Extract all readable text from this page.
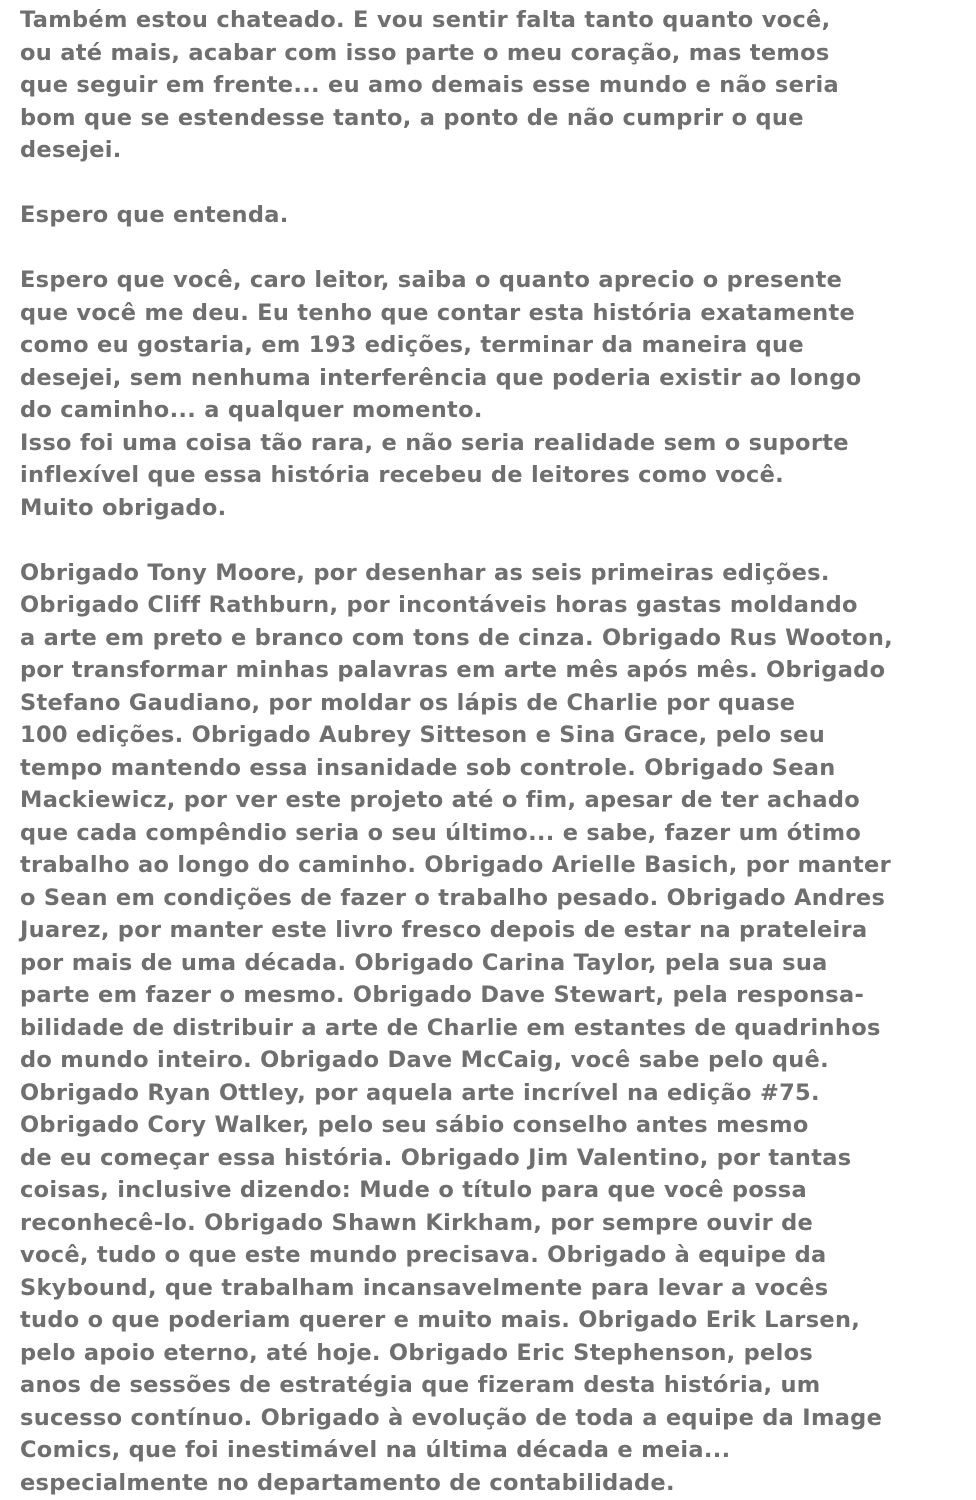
Também estou chateado. E vou sentir falta tanto quanto você,
ou até mais, acabar com isso parte o meu coração, mas temos
que seguir em frente... eu amo demais esse mundo e não seria
bom que se estendesse tanto, a ponto de não cumprir o que
desejei.

Espero que entenda.

Espero que você, caro leitor, saiba o quanto aprecio o presente
que você me deu. Eu tenho que contar esta história exatamente
como eu gostaria, em 193 edições, terminar da maneira que
desejei, sem nenhuma interferência que poderia existir ao longo
do caminho... a qualquer momento.
Isso foi uma coisa tão rara, e não seria realidade sem o suporte
inflexível que essa história recebeu de leitores como você.
Muito obrigado.

Obrigado Tony Moore, por desenhar as seis primeiras edições.
Obrigado Cliff Rathburn, por incontáveis horas gastas moldando
a arte em preto e branco com tons de cinza. Obrigado Rus Wooton,
por transformar minhas palavras em arte mês após mês. Obrigado
Stefano Gaudiano, por moldar os lápis de Charlie por quase
100 edições. Obrigado Aubrey Sitteson e Sina Grace, pelo seu
tempo mantendo essa insanidade sob controle. Obrigado Sean
Mackiewicz, por ver este projeto até o fim, apesar de ter achado
que cada compêndio seria o seu último... e sabe, fazer um ótimo
trabalho ao longo do caminho. Obrigado Arielle Basich, por manter
o Sean em condições de fazer o trabalho pesado. Obrigado Andres
Juarez, por manter este livro fresco depois de estar na prateleira
por mais de uma década. Obrigado Carina Taylor, pela sua sua
parte em fazer o mesmo. Obrigado Dave Stewart, pela responsa-
bilidade de distribuir a arte de Charlie em estantes de quadrinhos
do mundo inteiro. Obrigado Dave McCaig, você sabe pelo quê.
Obrigado Ryan Ottley, por aquela arte incrível na edição #75.
Obrigado Cory Walker, pelo seu sábio conselho antes mesmo
de eu começar essa história. Obrigado Jim Valentino, por tantas
coisas, inclusive dizendo: Mude o título para que você possa
reconhecê-lo. Obrigado Shawn Kirkham, por sempre ouvir de
você, tudo o que este mundo precisava. Obrigado à equipe da
Skybound, que trabalham incansavelmente para levar a vocês
tudo o que poderiam querer e muito mais. Obrigado Erik Larsen,
pelo apoio eterno, até hoje. Obrigado Eric Stephenson, pelos
anos de sessões de estratégia que fizeram desta história, um
sucesso contínuo. Obrigado à evolução de toda a equipe da Image
Comics, que foi inestimável na última década e meia...
especialmente no departamento de contabilidade.
